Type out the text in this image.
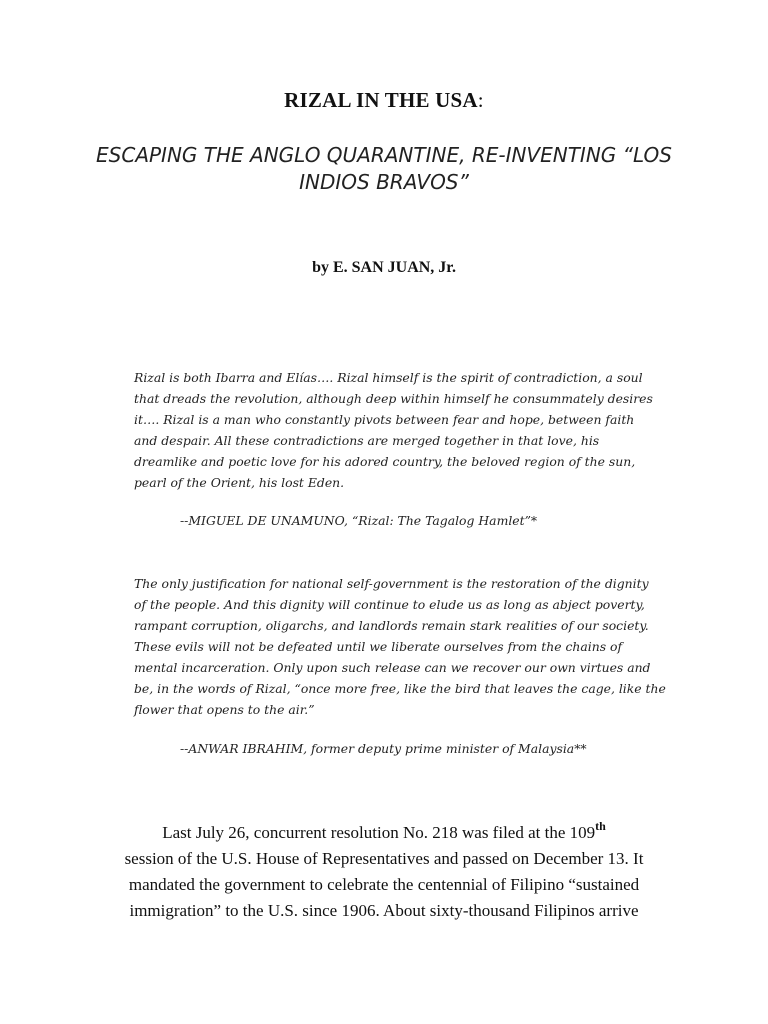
RIZAL IN THE USA:
ESCAPING THE ANGLO QUARANTINE, RE-INVENTING “LOS
INDIOS BRAVOS”
by E. SAN JUAN, Jr.
Rizal is both Ibarra and Elías…. Rizal himself is the spirit of contradiction, a soul
that dreads the revolution, although deep within himself he consummately desires
it…. Rizal is a man who constantly pivots between fear and hope, between faith
and despair. All these contradictions are merged together in that love, his
dreamlike and poetic love for his adored country, the beloved region of the sun,
pearl of the Orient, his lost Eden.
--MIGUEL DE UNAMUNO, “Rizal: The Tagalog Hamlet”*
The only justification for national self-government is the restoration of the dignity
of the people. And this dignity will continue to elude us as long as abject poverty,
rampant corruption, oligarchs, and landlords remain stark realities of our society.
These evils will not be defeated until we liberate ourselves from the chains of
mental incarceration. Only upon such release can we recover our own virtues and
be, in the words of Rizal, “once more free, like the bird that leaves the cage, like the
flower that opens to the air.”
--ANWAR IBRAHIM, former deputy prime minister of Malaysia**
Last July 26, concurrent resolution No. 218 was filed at the 109th
session of the U.S. House of Representatives and passed on December 13. It
mandated the government to celebrate the centennial of Filipino “sustained
immigration” to the U.S. since 1906. About sixty-thousand Filipinos arrive
